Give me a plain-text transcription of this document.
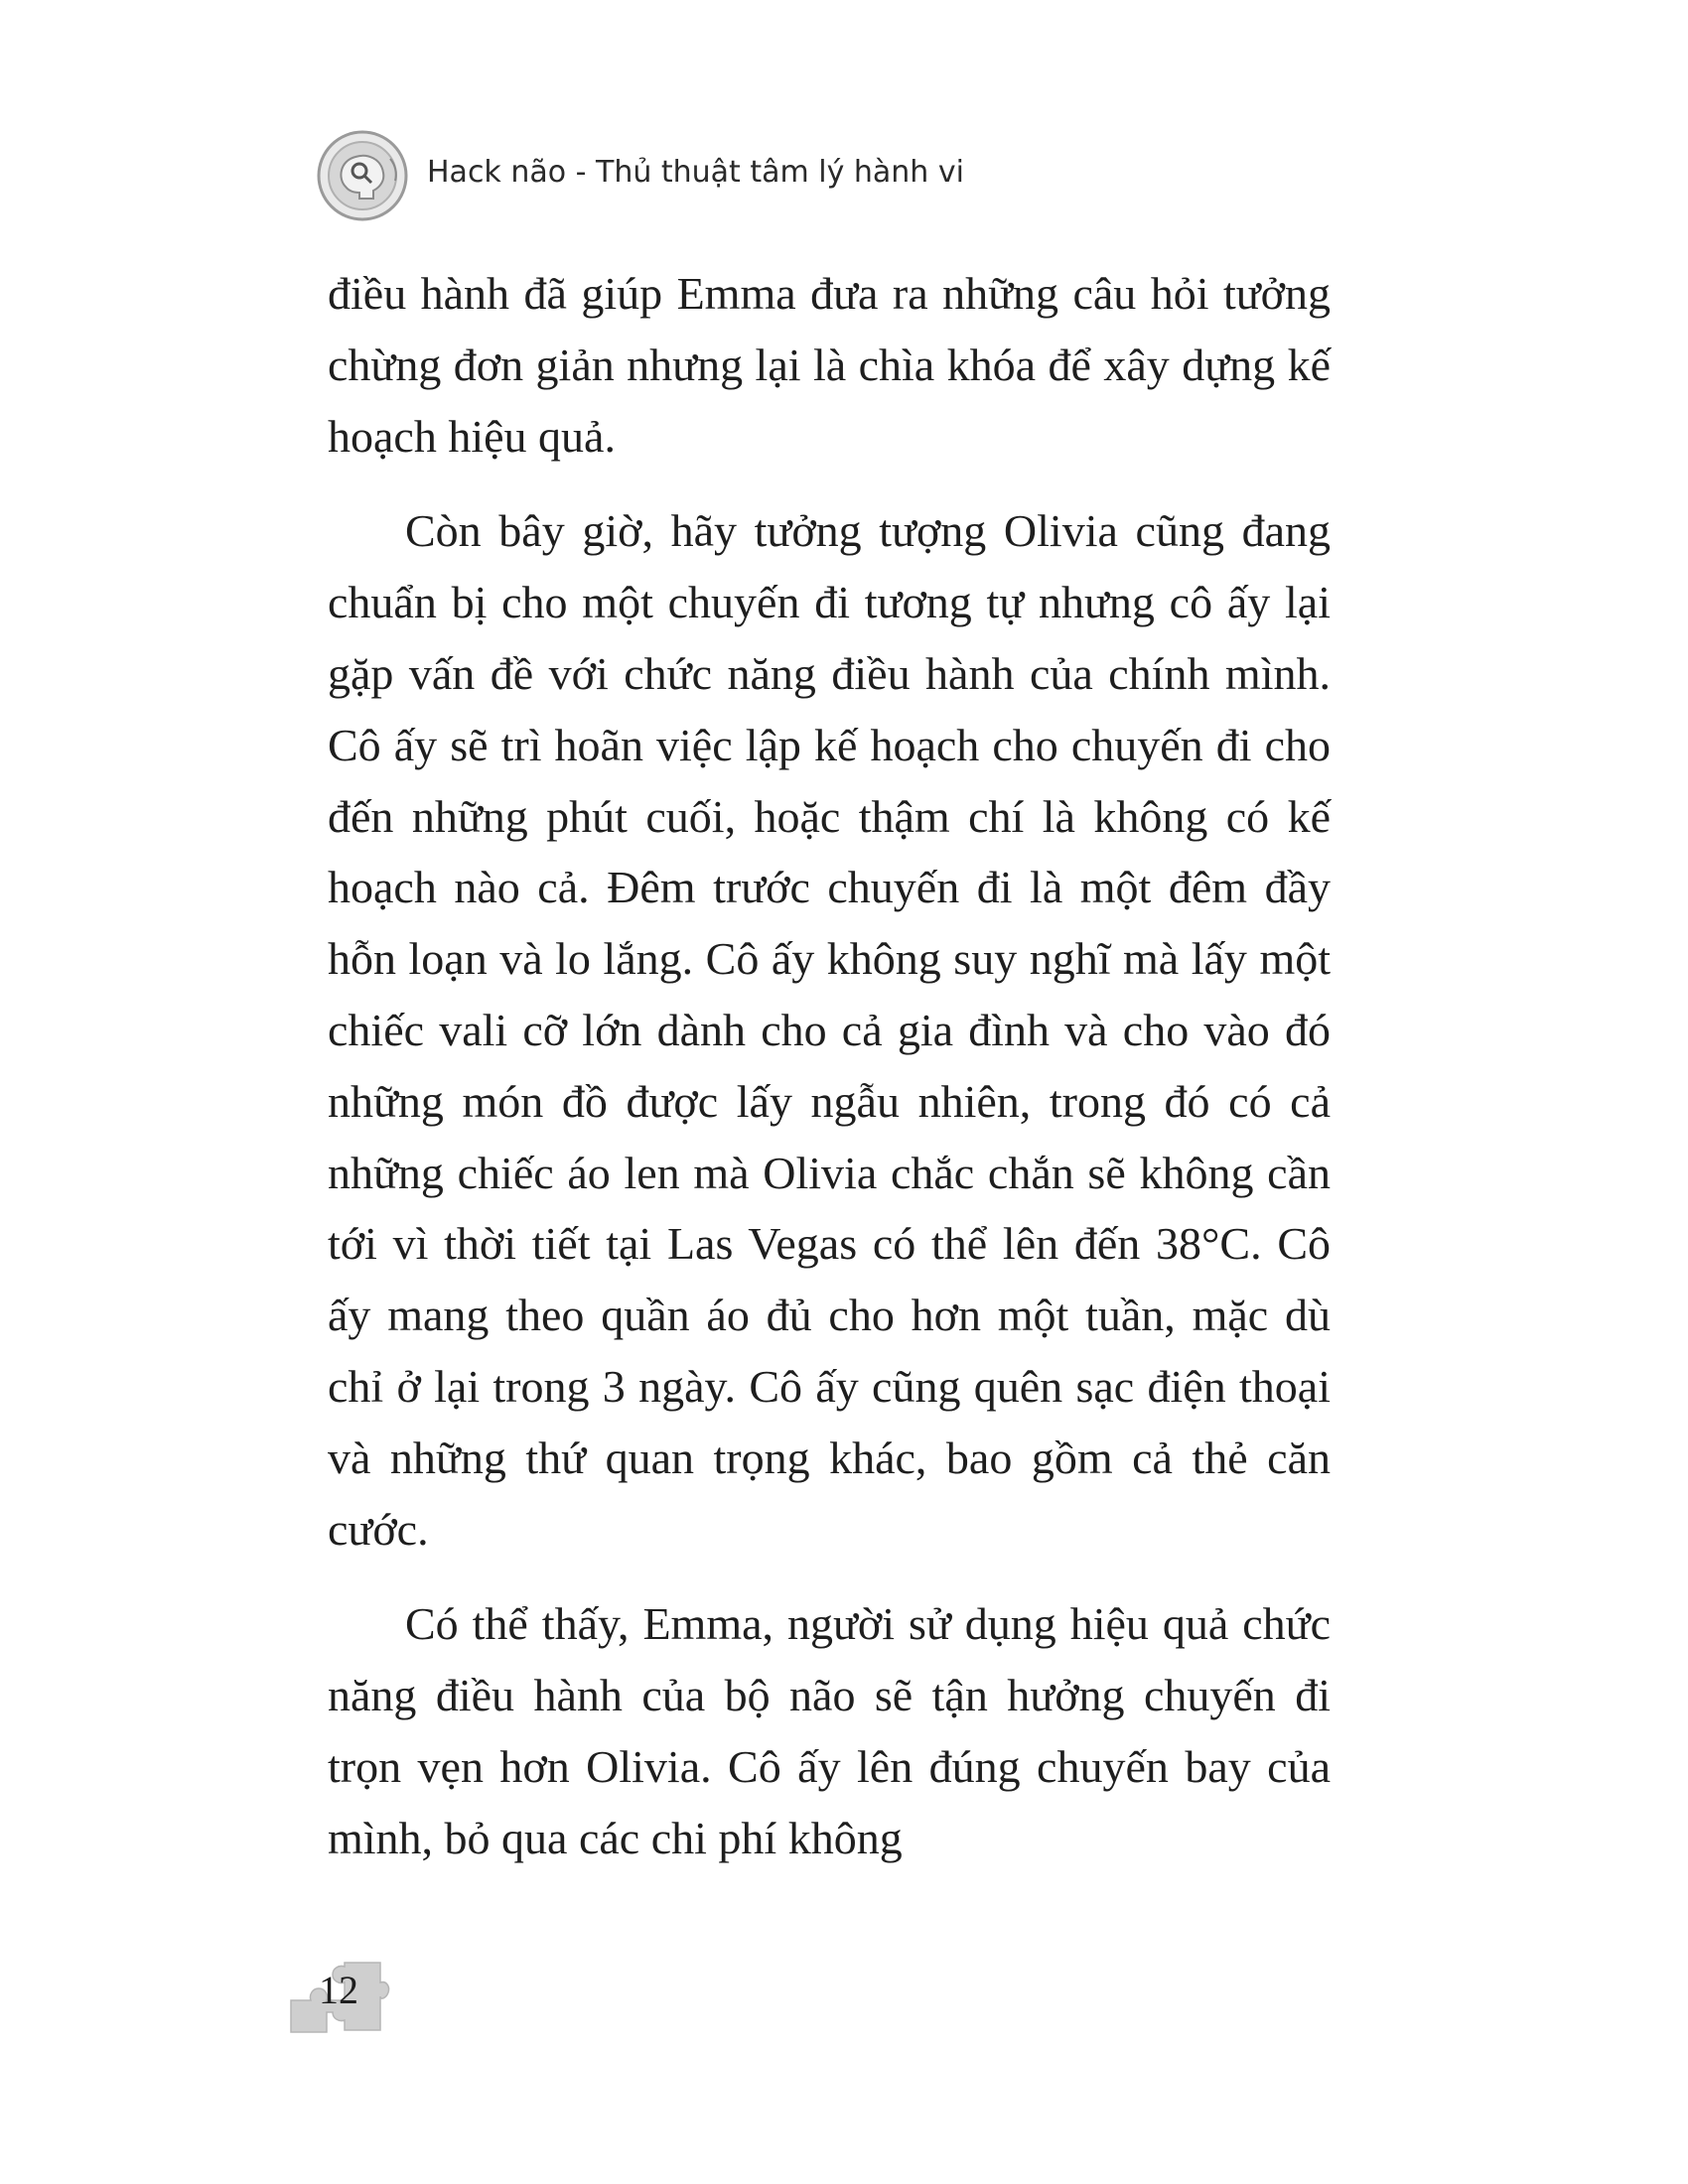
Hack não - Thủ thuật tâm lý hành vi

điều hành đã giúp Emma đưa ra những câu hỏi tưởng chừng đơn giản nhưng lại là chìa khóa để xây dựng kế hoạch hiệu quả.

Còn bây giờ, hãy tưởng tượng Olivia cũng đang chuẩn bị cho một chuyến đi tương tự nhưng cô ấy lại gặp vấn đề với chức năng điều hành của chính mình. Cô ấy sẽ trì hoãn việc lập kế hoạch cho chuyến đi cho đến những phút cuối, hoặc thậm chí là không có kế hoạch nào cả. Đêm trước chuyến đi là một đêm đầy hỗn loạn và lo lắng. Cô ấy không suy nghĩ mà lấy một chiếc vali cỡ lớn dành cho cả gia đình và cho vào đó những món đồ được lấy ngẫu nhiên, trong đó có cả những chiếc áo len mà Olivia chắc chắn sẽ không cần tới vì thời tiết tại Las Vegas có thể lên đến 38°C. Cô ấy mang theo quần áo đủ cho hơn một tuần, mặc dù chỉ ở lại trong 3 ngày. Cô ấy cũng quên sạc điện thoại và những thứ quan trọng khác, bao gồm cả thẻ căn cước.

Có thể thấy, Emma, người sử dụng hiệu quả chức năng điều hành của bộ não sẽ tận hưởng chuyến đi trọn vẹn hơn Olivia. Cô ấy lên đúng chuyến bay của mình, bỏ qua các chi phí không

12
